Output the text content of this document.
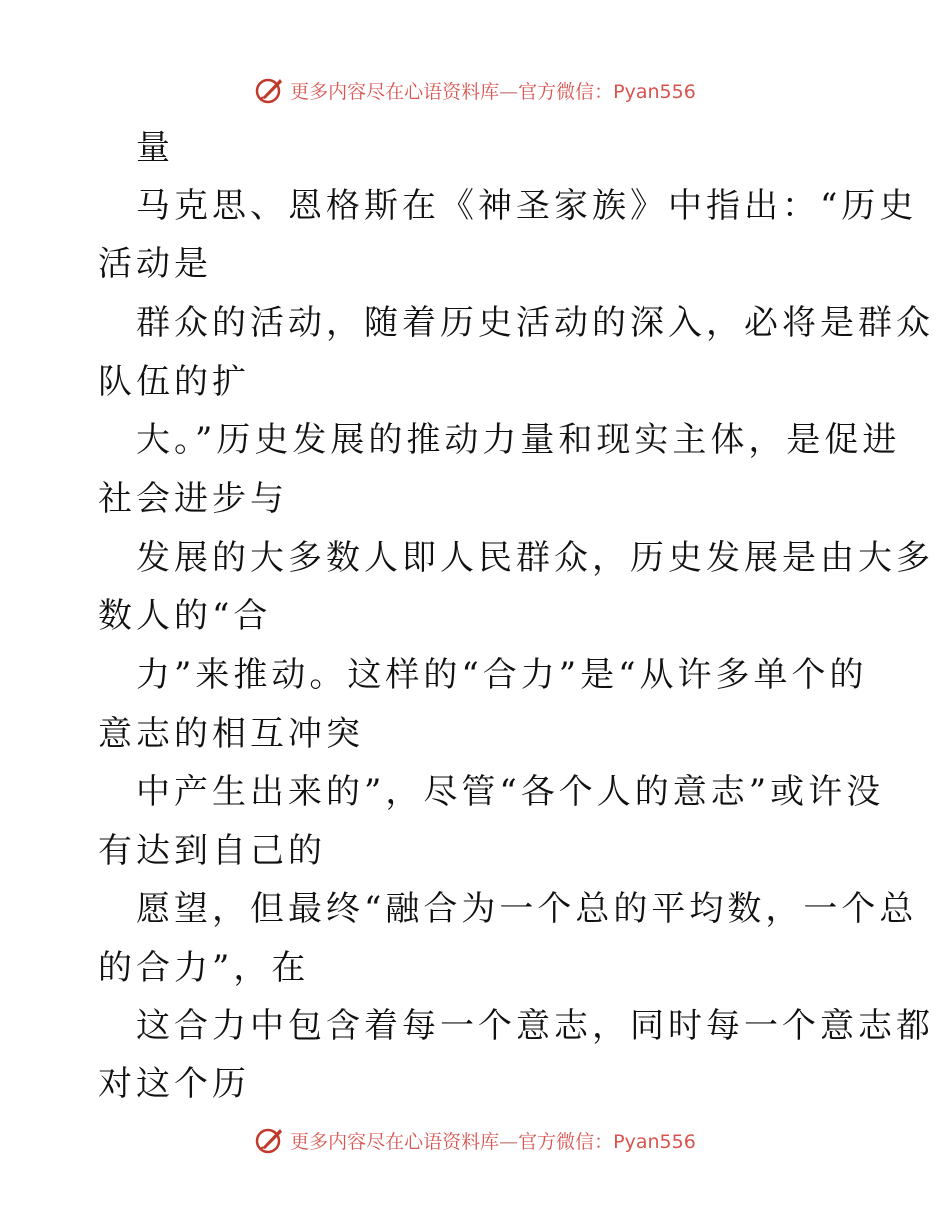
更多内容尽在心语资料库—官方微信：Pyan556
量
马克思、恩格斯在《神圣家族》中指出：“历史
活动是
群众的活动，随着历史活动的深入，必将是群众
队伍的扩
大。”历史发展的推动力量和现实主体，是促进
社会进步与
发展的大多数人即人民群众，历史发展是由大多
数人的“合
力”来推动。这样的“合力”是“从许多单个的
意志的相互冲突
中产生出来的”，尽管“各个人的意志”或许没
有达到自己的
愿望，但最终“融合为一个总的平均数，一个总
的合力”，在
这合力中包含着每一个意志，同时每一个意志都
对这个历
更多内容尽在心语资料库—官方微信：Pyan556
